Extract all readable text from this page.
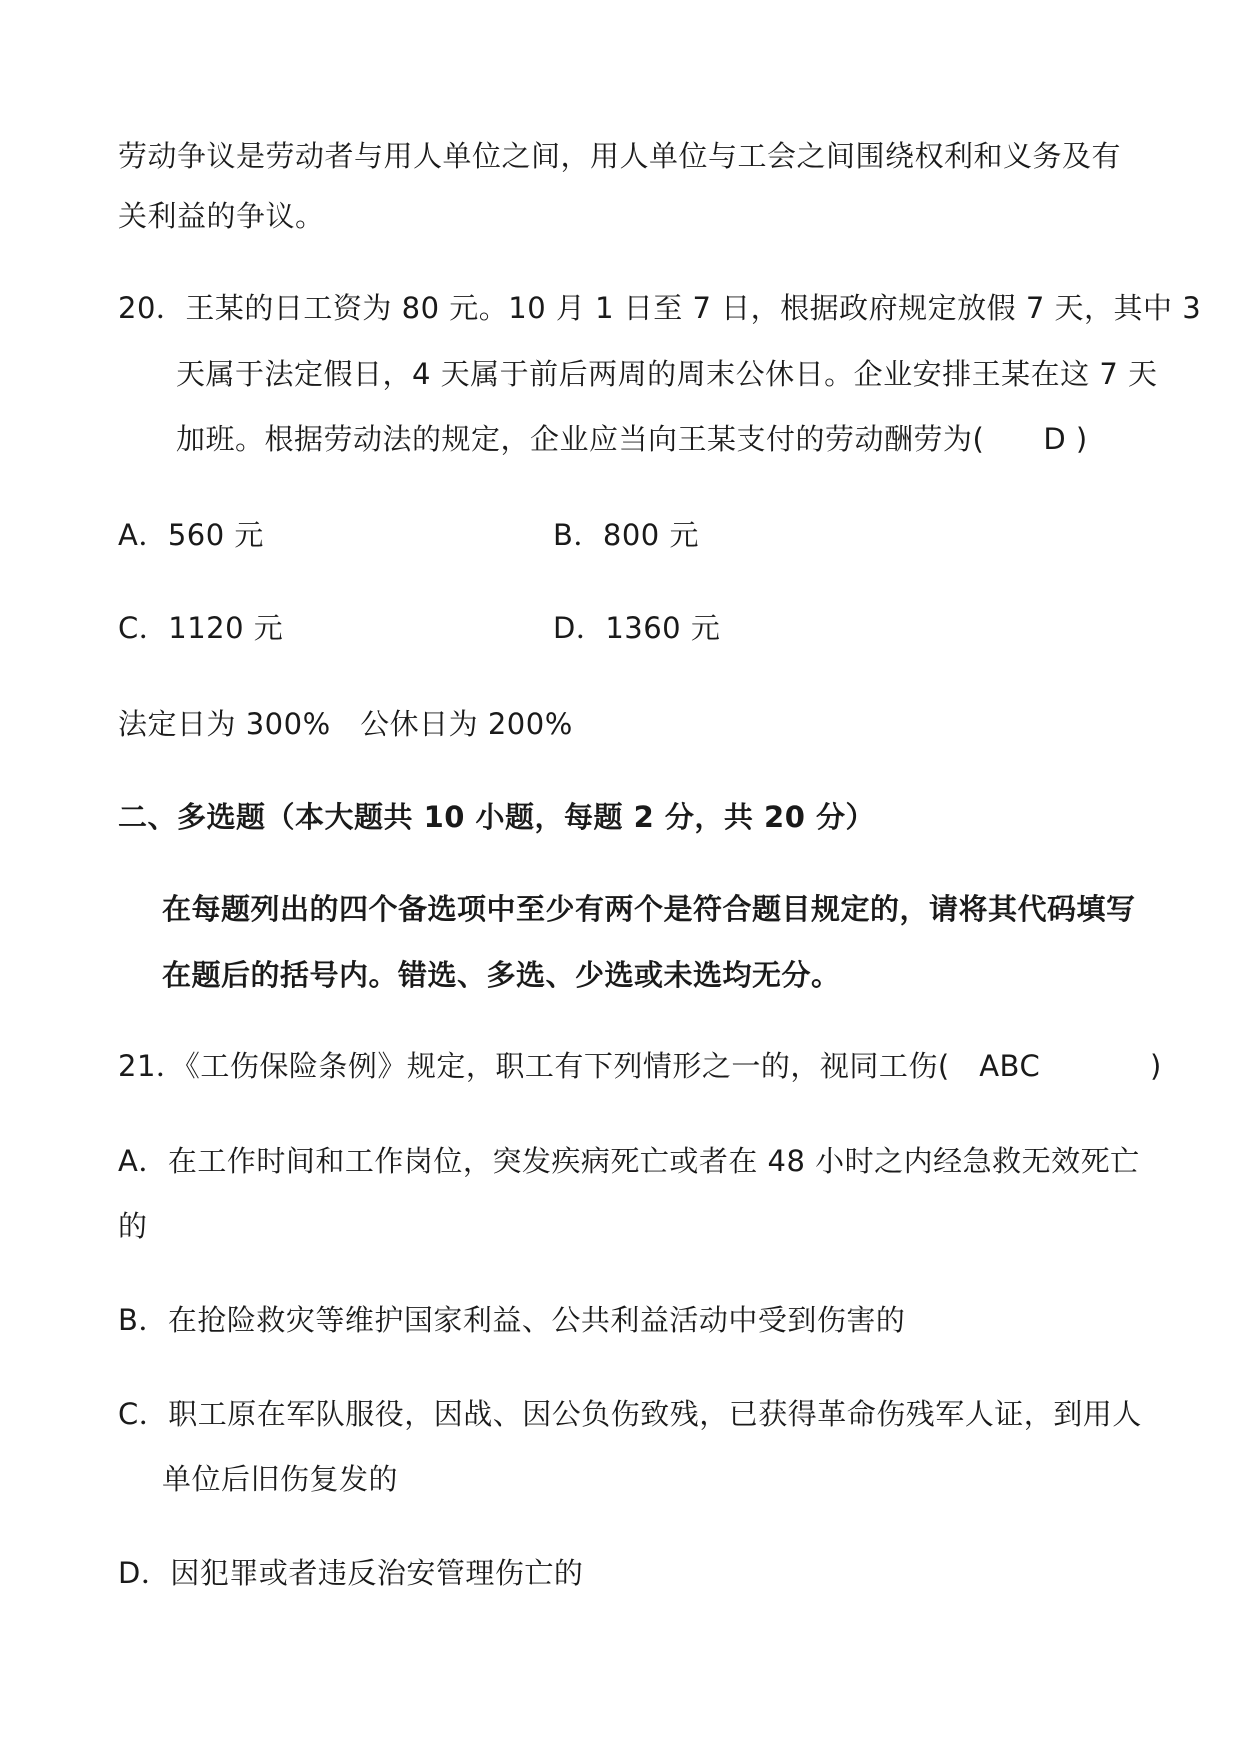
劳动争议是劳动者与用人单位之间，用人单位与工会之间围绕权利和义务及有
关利益的争议。
20．王某的日工资为 80 元。10 月 1 日至 7 日，根据政府规定放假 7 天，其中 3
天属于法定假日，4 天属于前后两周的周末公休日。企业安排王某在这 7 天
加班。根据劳动法的规定，企业应当向王某支付的劳动酬劳为(　　D )
A．560 元	B．800 元
C．1120 元	D．1360 元
法定日为 300%　公休日为 200%
二、多选题（本大题共 10 小题，每题 2 分，共 20 分）
在每题列出的四个备选项中至少有两个是符合题目规定的，请将其代码填写
在题后的括号内。错选、多选、少选或未选均无分。
21．《工伤保险条例》规定，职工有下列情形之一的，视同工伤(　ABC	)
A．在工作时间和工作岗位，突发疾病死亡或者在 48 小时之内经急救无效死亡
的
B．在抢险救灾等维护国家利益、公共利益活动中受到伤害的
C．职工原在军队服役，因战、因公负伤致残，已获得革命伤残军人证，到用人
单位后旧伤复发的
D．因犯罪或者违反治安管理伤亡的
